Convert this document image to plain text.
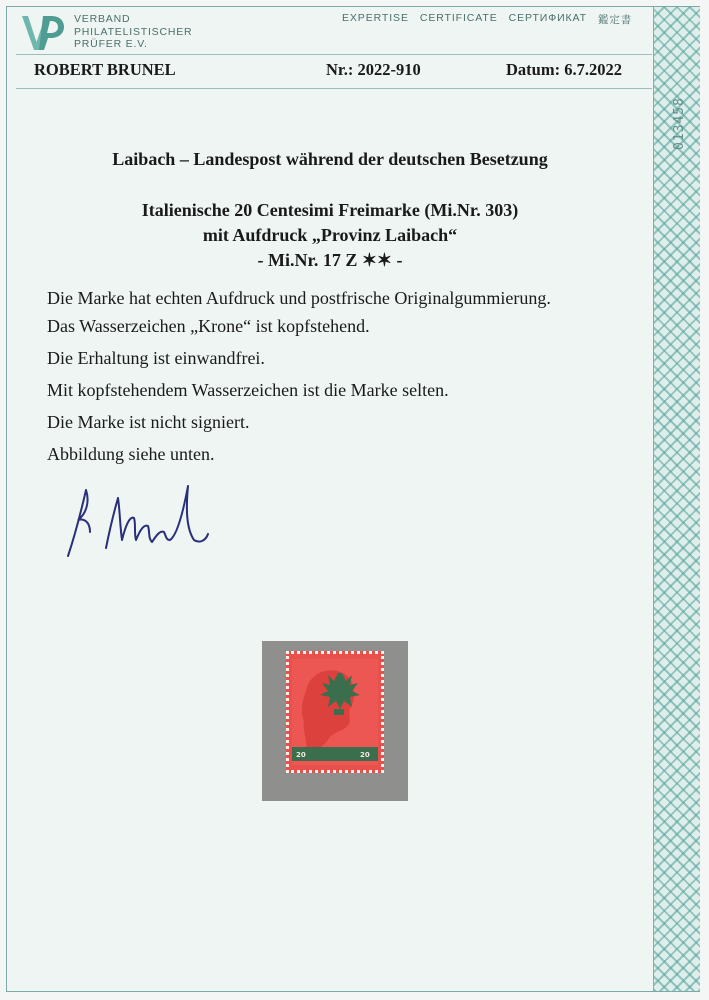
013458
VERBAND
PHILATELISTISCHER
PRÜFER E.V.
EXPERTISE CERTIFICATE СЕРТИФИКАТ 鑑定書
ROBERT BRUNEL	Nr.: 2022-910	Datum: 6.7.2022
Laibach – Landespost während der deutschen Besetzung
Italienische 20 Centesimi Freimarke (Mi.Nr. 303)
mit Aufdruck „Provinz Laibach“
- Mi.Nr. 17 Z ✶✶ -
Die Marke hat echten Aufdruck und postfrische Originalgummierung.
Das Wasserzeichen „Krone“ ist kopfstehend.
Die Erhaltung ist einwandfrei.
Mit kopfstehendem Wasserzeichen ist die Marke selten.
Die Marke ist nicht signiert.
Abbildung siehe unten.
20	20
